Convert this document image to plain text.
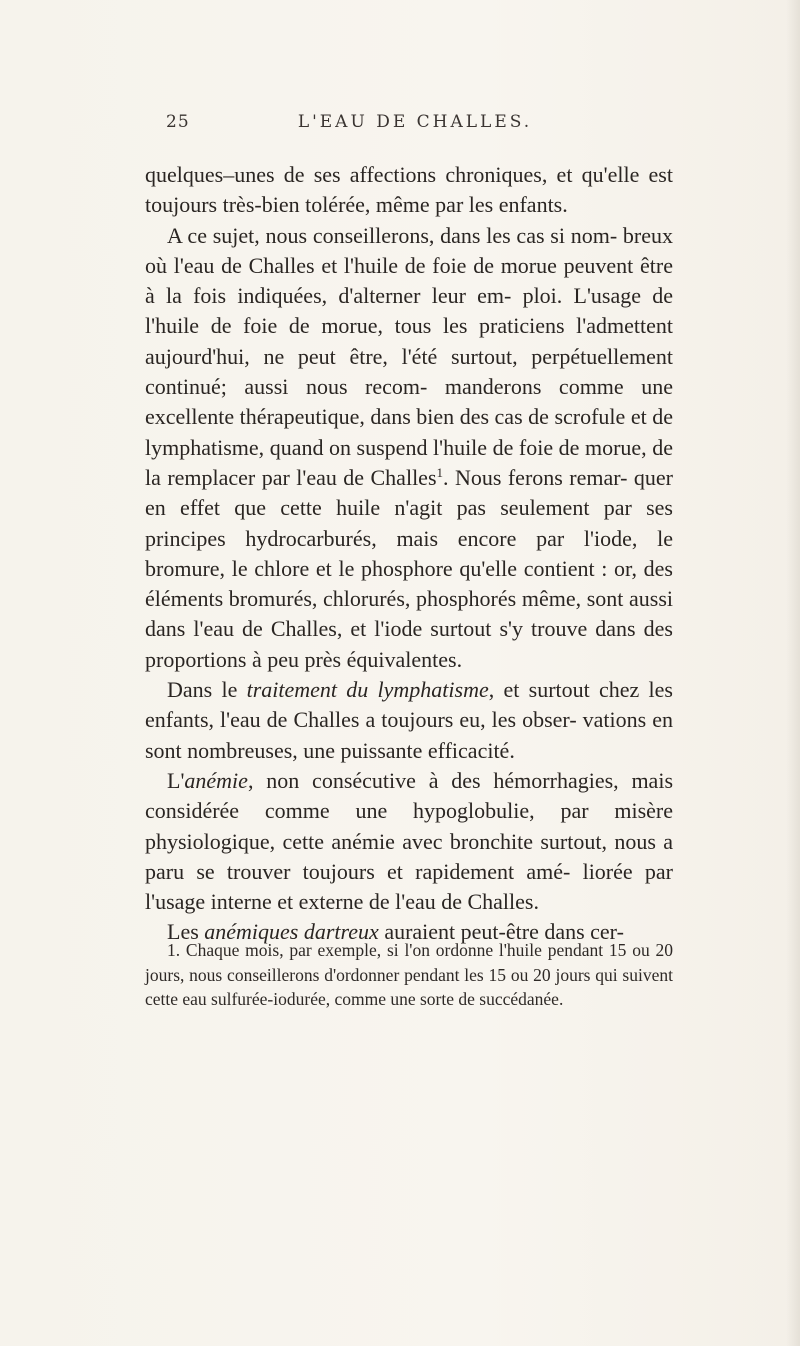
25	L'EAU DE CHALLES.

quelques–unes de ses affections chroniques, et qu'elle est toujours très-bien tolérée, même par les enfants.

A ce sujet, nous conseillerons, dans les cas si nom- breux où l'eau de Challes et l'huile de foie de morue peuvent être à la fois indiquées, d'alterner leur em- ploi. L'usage de l'huile de foie de morue, tous les praticiens l'admettent aujourd'hui, ne peut être, l'été surtout, perpétuellement continué; aussi nous recom- manderons comme une excellente thérapeutique, dans bien des cas de scrofule et de lymphatisme, quand on suspend l'huile de foie de morue, de la remplacer par l'eau de Challes$^1$. Nous ferons remar- quer en effet que cette huile n'agit pas seulement par ses principes hydrocarburés, mais encore par l'iode, le bromure, le chlore et le phosphore qu'elle contient : or, des éléments bromurés, chlorurés, phosphorés même, sont aussi dans l'eau de Challes, et l'iode surtout s'y trouve dans des proportions à peu près équivalentes.

Dans le traitement du lymphatisme, et surtout chez les enfants, l'eau de Challes a toujours eu, les obser- vations en sont nombreuses, une puissante efficacité.

L'anémie, non consécutive à des hémorrhagies, mais considérée comme une hypoglobulie, par misère physiologique, cette anémie avec bronchite surtout, nous a paru se trouver toujours et rapidement amé- liorée par l'usage interne et externe de l'eau de Challes.

Les anémiques dartreux auraient peut-être dans cer-

1. Chaque mois, par exemple, si l'on ordonne l'huile pendant 15 ou 20 jours, nous conseillerons d'ordonner pendant les 15 ou 20 jours qui suivent cette eau sulfurée-iodurée, comme une sorte de succédanée.
